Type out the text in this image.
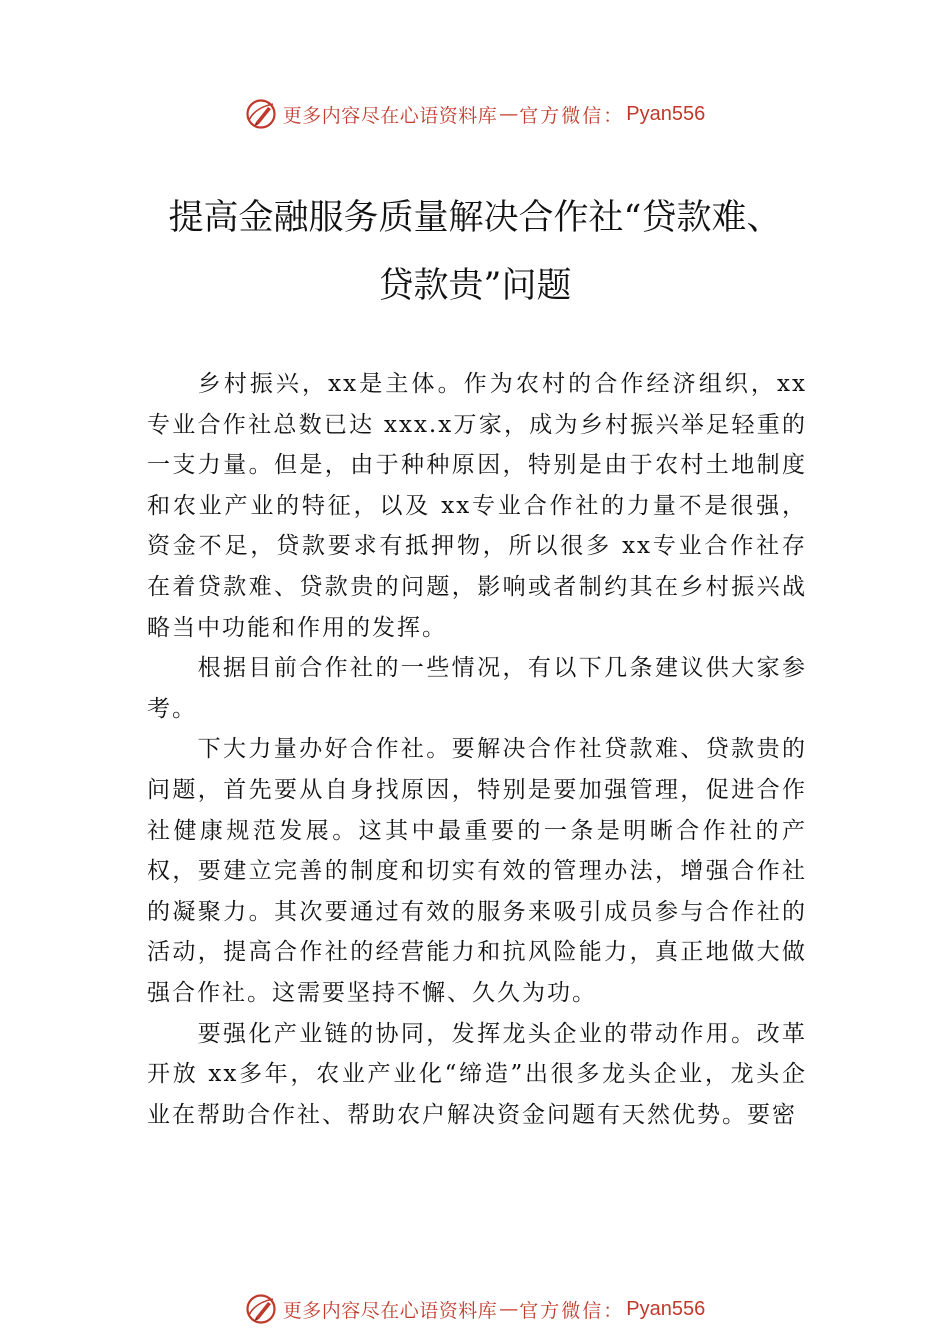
更多内容尽在心语资料库 — 官方微信： Pyan556
提高金融服务质量解决合作社“贷款难、
贷款贵”问题

乡村振兴，xx是主体。作为农村的合作经济组织，xx专业合作社总数已达 xxx.x万家，成为乡村振兴举足轻重的一支力量。但是，由于种种原因，特别是由于农村土地制度和农业产业的特征，以及 xx专业合作社的力量不是很强，资金不足，贷款要求有抵押物，所以很多 xx专业合作社存在着贷款难、贷款贵的问题，影响或者制约其在乡村振兴战略当中功能和作用的发挥。

根据目前合作社的一些情况，有以下几条建议供大家参考。

下大力量办好合作社。要解决合作社贷款难、贷款贵的问题，首先要从自身找原因，特别是要加强管理，促进合作社健康规范发展。这其中最重要的一条是明晰合作社的产权，要建立完善的制度和切实有效的管理办法，增强合作社的凝聚力。其次要通过有效的服务来吸引成员参与合作社的活动，提高合作社的经营能力和抗风险能力，真正地做大做强合作社。这需要坚持不懈、久久为功。

要强化产业链的协同，发挥龙头企业的带动作用。改革开放 xx多年，农业产业化“缔造”出很多龙头企业，龙头企业在帮助合作社、帮助农户解决资金问题有天然优势。要密

更多内容尽在心语资料库 — 官方微信： Pyan556
